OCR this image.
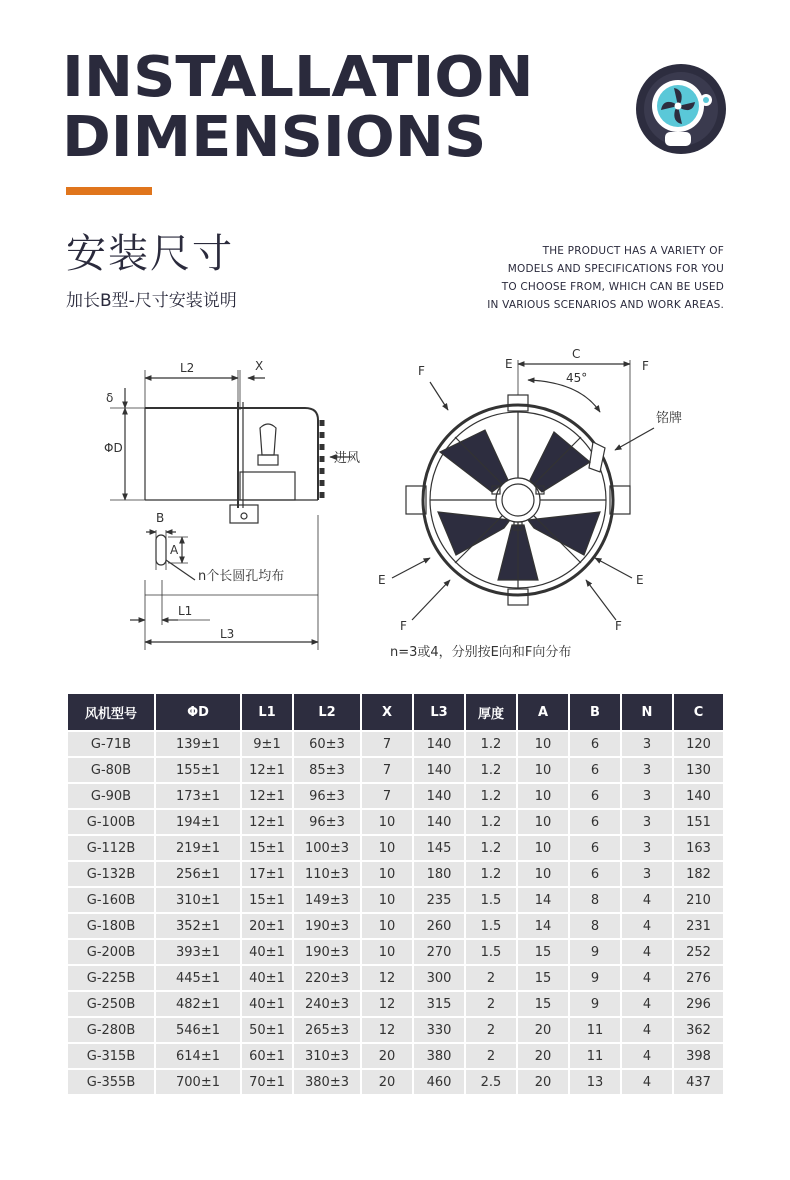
INSTALLATION
DIMENSIONS
安装尺寸
加长B型-尺寸安装说明
THE PRODUCT HAS A VARIETY OF
MODELS AND SPECIFICATIONS FOR YOU
TO CHOOSE FROM, WHICH CAN BE USED
IN VARIOUS SCENARIOS AND WORK AREAS.
L2	X
δ
ΦD
进风
B
A
n个长圆孔均布
L1
L3
E
C
F
F	45°
铭牌
E	E
F	F
n=3或4，分别按E向和F向分布
风机型号	ΦD	L1	L2	X	L3	厚度	A	B	N	C
G-71B	139±1	9±1	60±3	7	140	1.2	10	6	3	120
G-80B	155±1	12±1	85±3	7	140	1.2	10	6	3	130
G-90B	173±1	12±1	96±3	7	140	1.2	10	6	3	140
G-100B	194±1	12±1	96±3	10	140	1.2	10	6	3	151
G-112B	219±1	15±1	100±3	10	145	1.2	10	6	3	163
G-132B	256±1	17±1	110±3	10	180	1.2	10	6	3	182
G-160B	310±1	15±1	149±3	10	235	1.5	14	8	4	210
G-180B	352±1	20±1	190±3	10	260	1.5	14	8	4	231
G-200B	393±1	40±1	190±3	10	270	1.5	15	9	4	252
G-225B	445±1	40±1	220±3	12	300	2	15	9	4	276
G-250B	482±1	40±1	240±3	12	315	2	15	9	4	296
G-280B	546±1	50±1	265±3	12	330	2	20	11	4	362
G-315B	614±1	60±1	310±3	20	380	2	20	11	4	398
G-355B	700±1	70±1	380±3	20	460	2.5	20	13	4	437
